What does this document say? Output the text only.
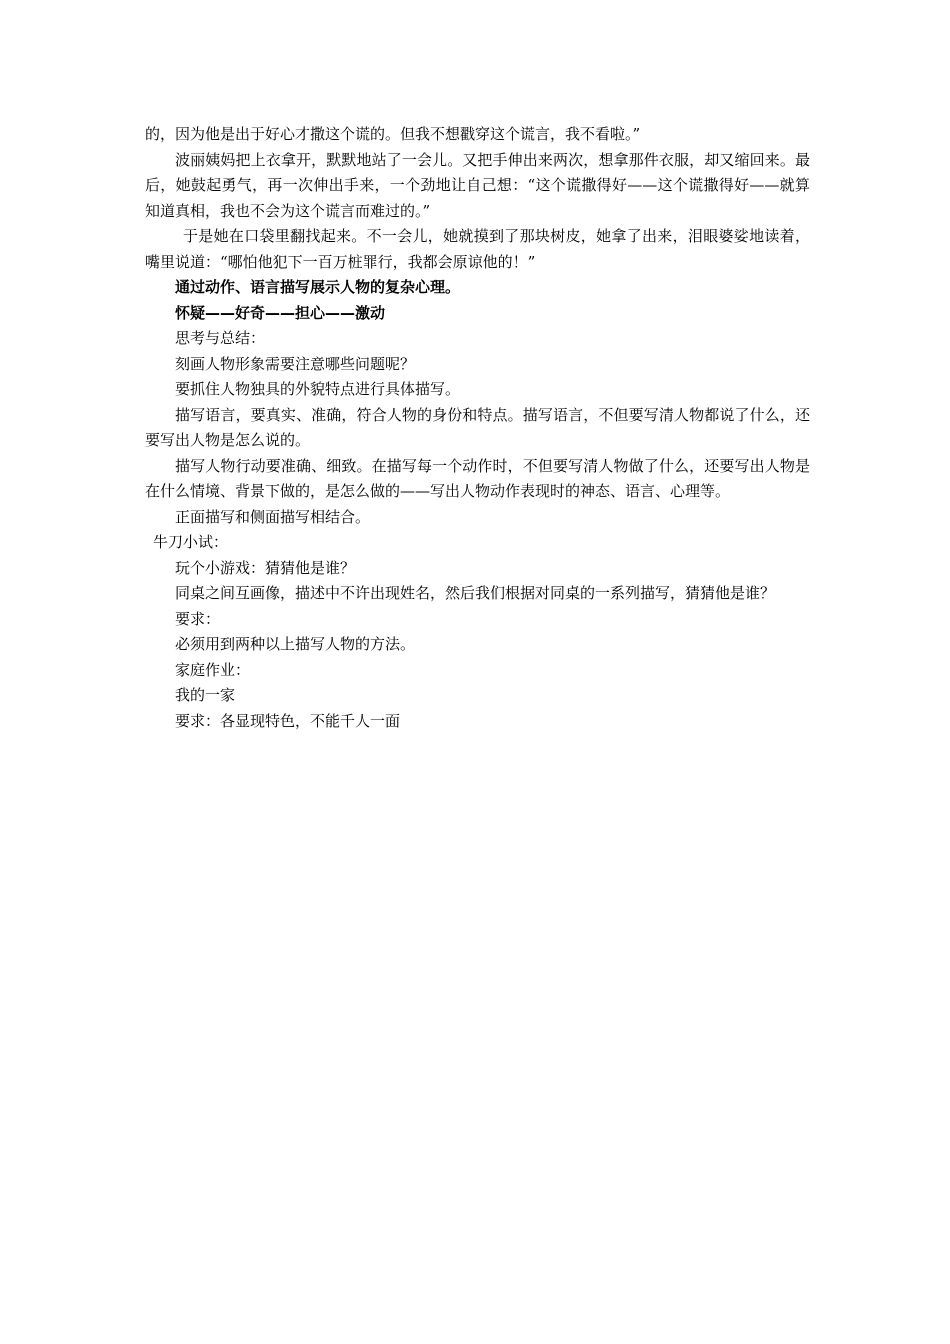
的，因为他是出于好心才撒这个谎的。但我不想戳穿这个谎言，我不看啦。”

波丽姨妈把上衣拿开，默默地站了一会儿。又把手伸出来两次，想拿那件衣服，却又缩回来。最后，她鼓起勇气，再一次伸出手来，一个劲地让自己想：“这个谎撒得好——这个谎撒得好——就算知道真相，我也不会为这个谎言而难过的。”

于是她在口袋里翻找起来。不一会儿，她就摸到了那块树皮，她拿了出来，泪眼婆娑地读着，嘴里说道：“哪怕他犯下一百万桩罪行，我都会原谅他的！”

通过动作、语言描写展示人物的复杂心理。

怀疑——好奇——担心——激动

思考与总结：

刻画人物形象需要注意哪些问题呢？

要抓住人物独具的外貌特点进行具体描写。

描写语言，要真实、准确，符合人物的身份和特点。描写语言，不但要写清人物都说了什么，还要写出人物是怎么说的。

描写人物行动要准确、细致。在描写每一个动作时，不但要写清人物做了什么，还要写出人物是在什么情境、背景下做的，是怎么做的——写出人物动作表现时的神态、语言、心理等。

正面描写和侧面描写相结合。

牛刀小试：

玩个小游戏：猜猜他是谁？

同桌之间互画像，描述中不许出现姓名，然后我们根据对同桌的一系列描写，猜猜他是谁？

要求：

必须用到两种以上描写人物的方法。

家庭作业：

我的一家

要求：各显现特色，不能千人一面
